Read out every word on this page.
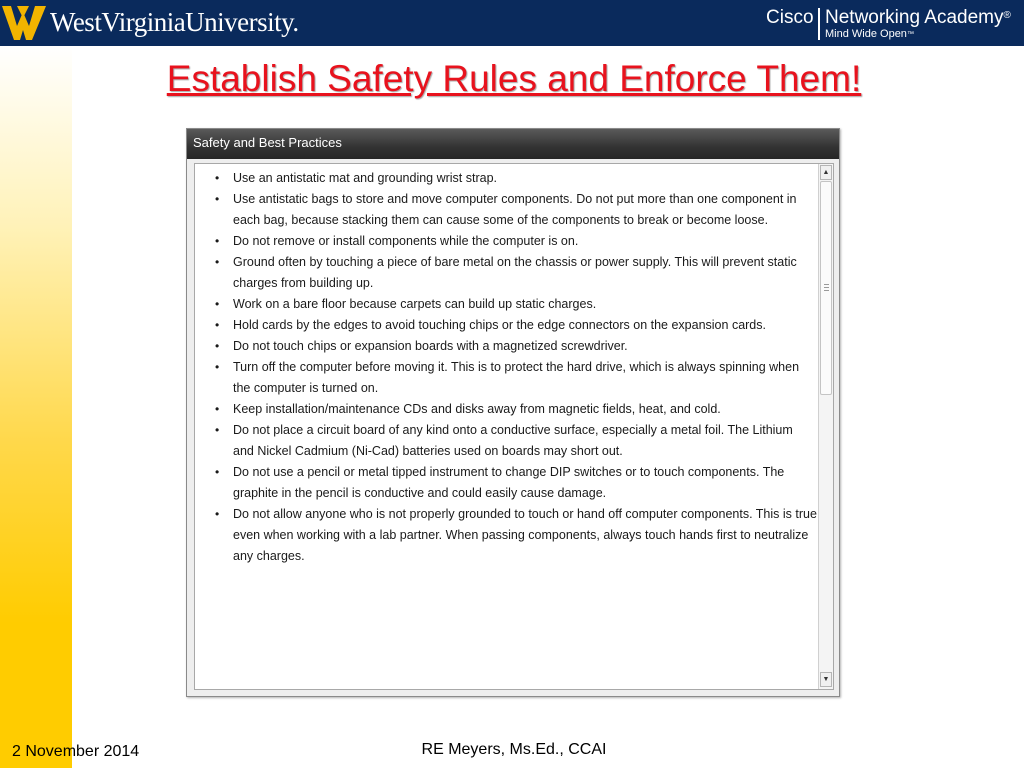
WestVirginiaUniversity.	Cisco Networking Academy®
Mind Wide Open™
Establish Safety Rules and Enforce Them!
Safety and Best Practices
• Use an antistatic mat and grounding wrist strap.
• Use antistatic bags to store and move computer components. Do not put more than one component in each bag, because stacking them can cause some of the components to break or become loose.
• Do not remove or install components while the computer is on.
• Ground often by touching a piece of bare metal on the chassis or power supply. This will prevent static charges from building up.
• Work on a bare floor because carpets can build up static charges.
• Hold cards by the edges to avoid touching chips or the edge connectors on the expansion cards.
• Do not touch chips or expansion boards with a magnetized screwdriver.
• Turn off the computer before moving it. This is to protect the hard drive, which is always spinning when the computer is turned on.
• Keep installation/maintenance CDs and disks away from magnetic fields, heat, and cold.
• Do not place a circuit board of any kind onto a conductive surface, especially a metal foil. The Lithium and Nickel Cadmium (Ni-Cad) batteries used on boards may short out.
• Do not use a pencil or metal tipped instrument to change DIP switches or to touch components. The graphite in the pencil is conductive and could easily cause damage.
• Do not allow anyone who is not properly grounded to touch or hand off computer components. This is true even when working with a lab partner. When passing components, always touch hands first to neutralize any charges.
▲
▼
2 November 2014	RE Meyers, Ms.Ed., CCAI
